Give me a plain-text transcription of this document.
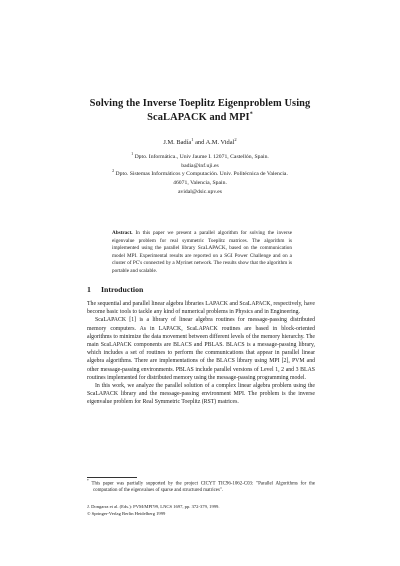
Solving the Inverse Toeplitz Eigenproblem Using
ScaLAPACK and MPI*
J.M. Badía$^1$ and A.M. Vidal$^2$
$^1$ Dpto. Informática., Univ Jaume I. 12071, Castellón, Spain.
badia@inf.uji.es
$^2$ Dpto. Sistemas Informáticos y Computación. Univ. Politécnica de Valencia.
46071, Valencia, Spain.
avidal@dsic.upv.es
Abstract. In this paper we present a parallel algorithm for solving the inverse eigenvalue problem for real symmetric Toeplitz matrices. The algorithm is implemented using the parallel library ScaLAPACK, based on the communication model MPI. Experimental results are reported on a SGI Power Challenge and on a cluster of PC's connected by a Myrinet network. The results show that the algorithm is portable and scalable.
1 Introduction

The sequential and parallel linear algebra libraries LAPACK and ScaLAPACK, respectively, have become basic tools to tackle any kind of numerical problems in Physics and in Engineering.

ScaLAPACK [1] is a library of linear algebra routines for message-passing distributed memory computers. As in LAPACK, ScaLAPACK routines are based in block-oriented algorithms to minimize the data movement between different levels of the memory hierarchy. The main ScaLAPACK components are BLACS and PBLAS. BLACS is a message-passing library, which includes a set of routines to perform the communications that appear in parallel linear algebra algorithms. There are implementations of the BLACS library using MPI [2], PVM and other message-passing environments. PBLAS include parallel versions of Level 1, 2 and 3 BLAS routines implemented for distributed memory using the message-passing programming model.

In this work, we analyze the parallel solution of a complex linear algebra problem using the ScaLAPACK library and the message-passing environment MPI. The problem is the inverse eigenvalue problem for Real Symmetric Toeplitz (RST) matrices.

* This paper was partially supported by the project CICYT TIC96-1062-C03: "Parallel Algorithms for the computation of the eigenvalues of sparse and structured matrices".
J. Dongarra et al. (Eds.): PVM/MPI'99, LNCS 1697, pp. 372-379, 1999.
© Springer-Verlag Berlin Heidelberg 1999
